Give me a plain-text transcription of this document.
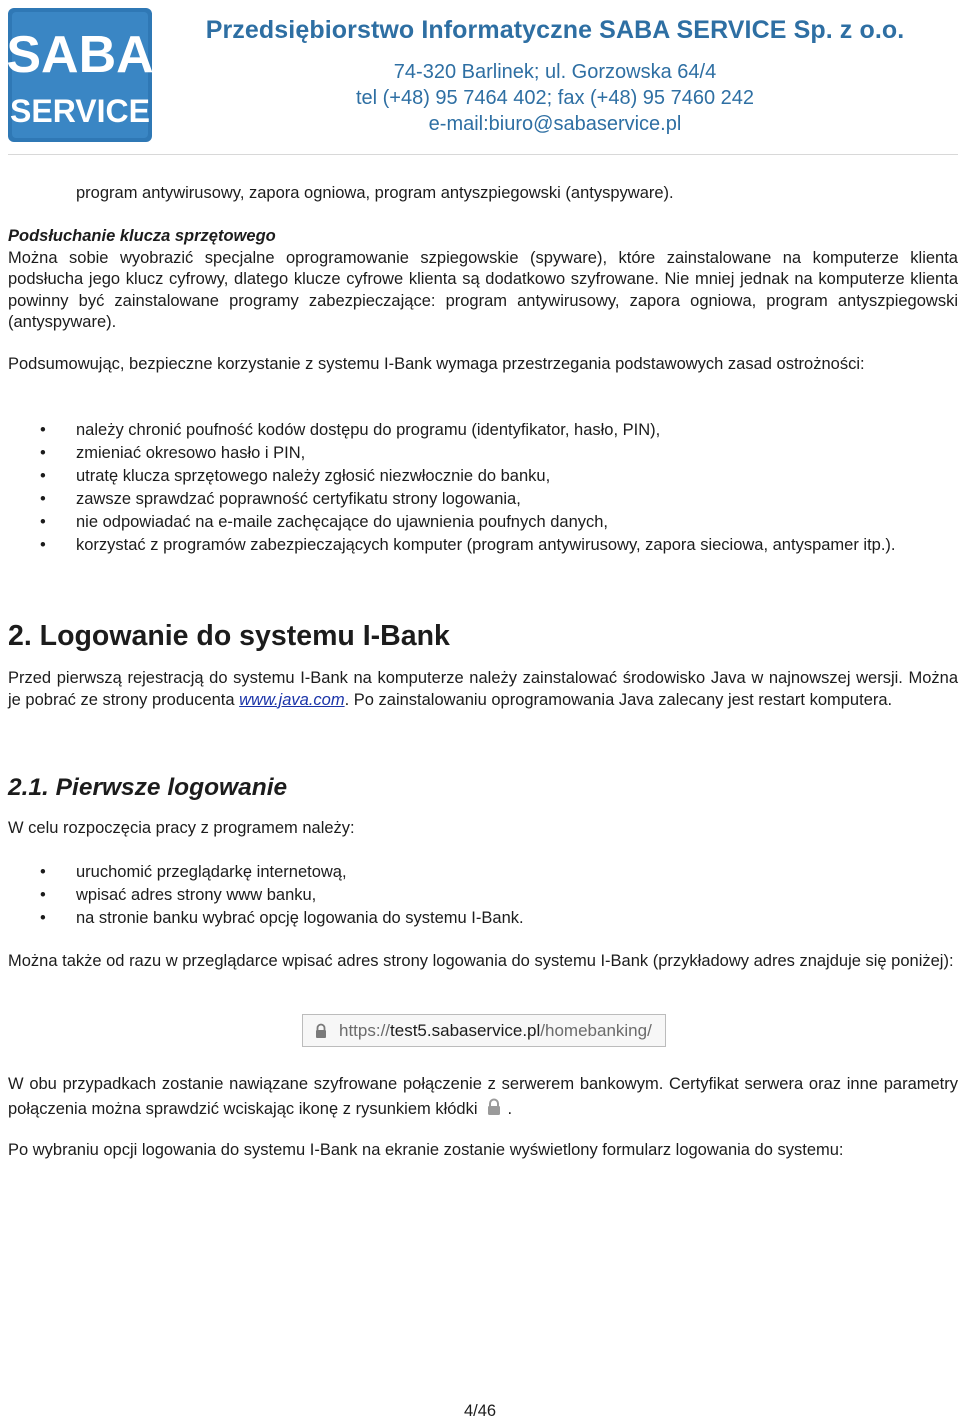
SABA
SERVICE
Przedsiębiorstwo Informatyczne SABA SERVICE Sp. z o.o.
74-320 Barlinek; ul. Gorzowska 64/4
tel (+48) 95 7464 402; fax (+48) 95 7460 242
e-mail:biuro@sabaservice.pl
program antywirusowy, zapora ogniowa, program antyszpiegowski (antyspyware).
Podsłuchanie klucza sprzętowego
Można sobie wyobrazić specjalne oprogramowanie szpiegowskie (spyware), które zainstalowane na komputerze klienta podsłucha jego klucz cyfrowy, dlatego klucze cyfrowe klienta są dodatkowo szyfrowane. Nie mniej jednak na komputerze klienta powinny być zainstalowane programy zabezpieczające: program antywirusowy, zapora ogniowa, program antyszpiegowski (antyspyware).
Podsumowując, bezpieczne korzystanie z systemu I-Bank wymaga przestrzegania podstawowych zasad ostrożności:
• należy chronić poufność kodów dostępu do programu (identyfikator, hasło, PIN),
• zmieniać okresowo hasło i PIN,
• utratę klucza sprzętowego należy zgłosić niezwłocznie do banku,
• zawsze sprawdzać poprawność certyfikatu strony logowania,
• nie odpowiadać na e-maile zachęcające do ujawnienia poufnych danych,
• korzystać z programów zabezpieczających komputer (program antywirusowy, zapora sieciowa, antyspamer itp.).
2. Logowanie do systemu I-Bank
Przed pierwszą rejestracją do systemu I-Bank na komputerze należy zainstalować środowisko Java w najnowszej wersji. Można je pobrać ze strony producenta www.java.com. Po zainstalowaniu oprogramowania Java zalecany jest restart komputera.
2.1. Pierwsze logowanie
W celu rozpoczęcia pracy z programem należy:
• uruchomić przeglądarkę internetową,
• wpisać adres strony www banku,
• na stronie banku wybrać opcję logowania do systemu I-Bank.
Można także od razu w przeglądarce wpisać adres strony logowania do systemu I-Bank (przykładowy adres znajduje się poniżej):
https://test5.sabaservice.pl/homebanking/
W obu przypadkach zostanie nawiązane szyfrowane połączenie z serwerem bankowym. Certyfikat serwera oraz inne parametry połączenia można sprawdzić wciskając ikonę z rysunkiem kłódki .
Po wybraniu opcji logowania do systemu I-Bank na ekranie zostanie wyświetlony formularz logowania do systemu:
4/46
